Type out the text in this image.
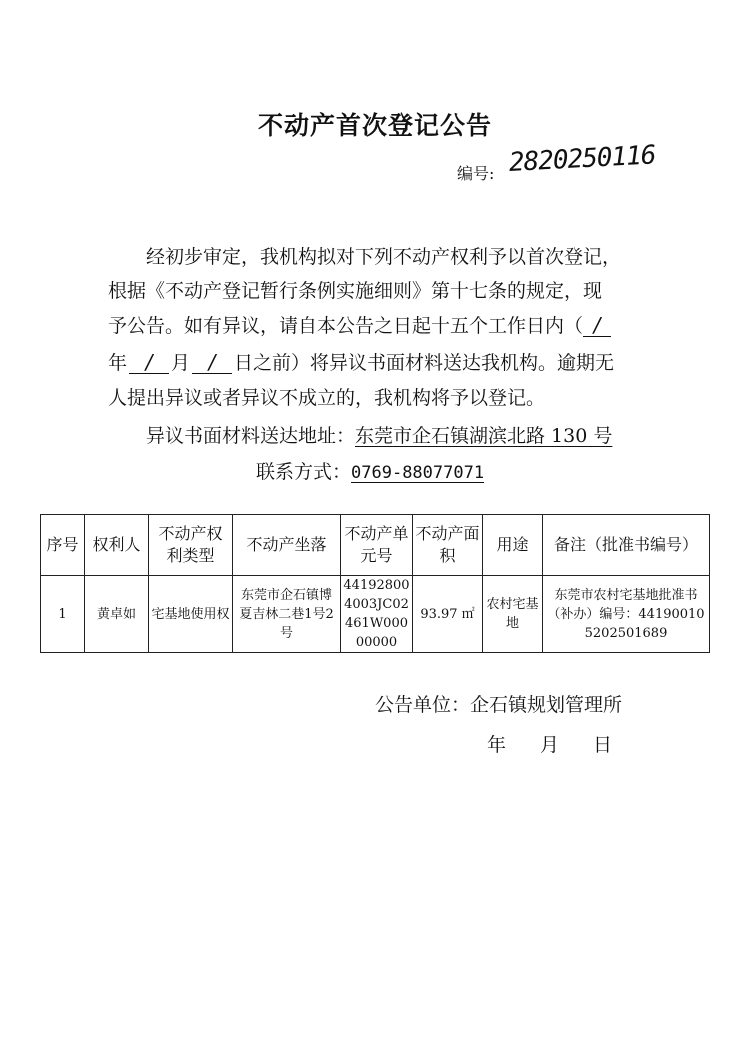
不动产首次登记公告
编号: 2820250116
经初步审定，我机构拟对下列不动产权利予以首次登记，
根据《不动产登记暂行条例实施细则》第十七条的规定，现
予公告。如有异议，请自本公告之日起十五个工作日内（ /
年 / 月 / 日之前）将异议书面材料送达我机构。逾期无
人提出异议或者异议不成立的，我机构将予以登记。
异议书面材料送达地址：东莞市企石镇湖滨北路 130 号
联系方式：0769-88077071
序号	权利人	不动产权利类型	不动产坐落	不动产单元号	不动产面积	用途	备注（批准书编号）
1	黄卓如	宅基地使用权	东莞市企石镇博夏吉林二巷1号2号	441928004003JC02461W00000000	93.97 ㎡	农村宅基地	东莞市农村宅基地批准书（补办）编号：441900105202501689
公告单位：企石镇规划管理所
年 月 日
